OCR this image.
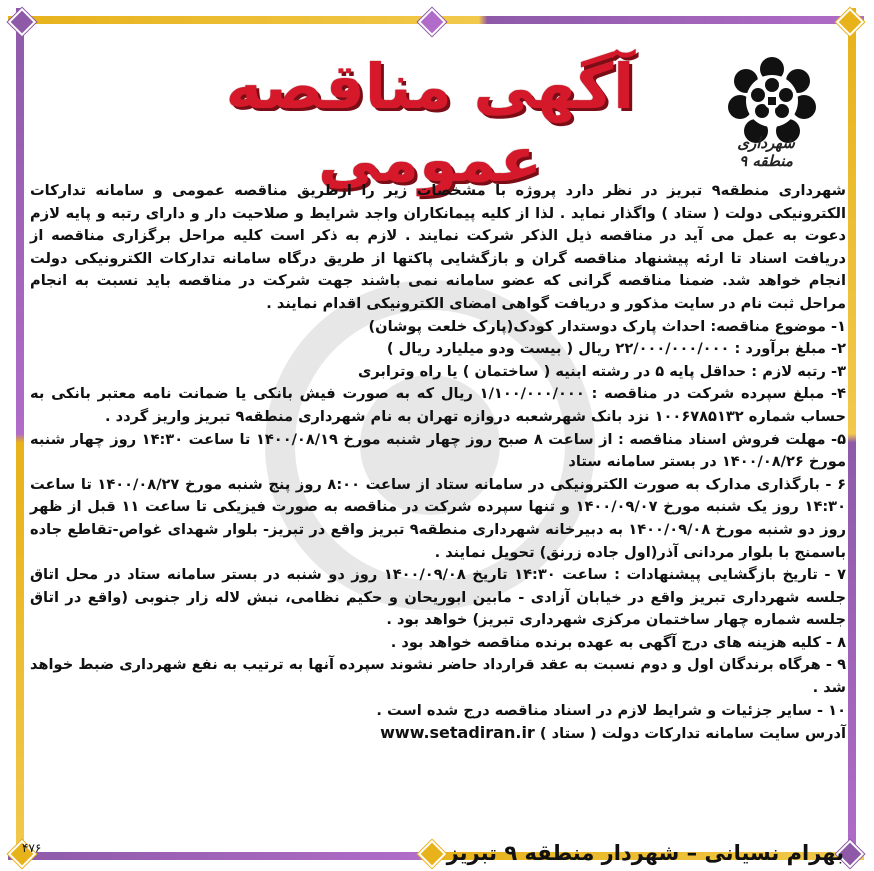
آگهی مناقصه عمومی	شهرداری منطقه ۹

شهرداری منطقه۹ تبریز در نظر دارد پروژه با مشخصات زیر را ازطریق مناقصه عمومی و سامانه تدارکات الکترونیکی دولت ( ستاد ) واگذار نماید . لذا از کلیه پیمانکاران واجد شرایط و صلاحیت دار و دارای رتبه و پایه لازم دعوت به عمل می آید در مناقصه ذیل الذکر شرکت نمایند . لازم به ذکر است کلیه مراحل برگزاری مناقصه از دریافت اسناد تا ارئه پیشنهاد مناقصه گران و بازگشایی پاکتها از طریق درگاه سامانه تدارکات الکترونیکی دولت انجام خواهد شد. ضمنا مناقصه گرانی که عضو سامانه نمی باشند جهت شرکت در مناقصه باید نسبت به انجام مراحل ثبت نام در سایت مذکور و دریافت گواهی امضای الکترونیکی اقدام نمایند .

۱- موضوع مناقصه: احداث پارک دوستدار کودک(پارک خلعت پوشان)

۲- مبلغ برآورد : ۲۲/۰۰۰/۰۰۰/۰۰۰ ریال ( بیست ودو میلیارد ریال )

۳- رتبه لازم : حداقل پایه ۵ در رشته ابنیه ( ساختمان ) یا راه وترابری

۴- مبلغ سپرده شرکت در مناقصه : ۱/۱۰۰/۰۰۰/۰۰۰ ریال که به صورت فیش بانکی یا ضمانت نامه معتبر بانکی به حساب شماره ۱۰۰۶۷۸۵۱۳۲ نزد بانک شهرشعبه دروازه تهران به نام شهرداری منطقه۹ تبریز واریز گردد .

۵- مهلت فروش اسناد مناقصه : از ساعت ۸ صبح روز چهار شنبه مورخ ۱۴۰۰/۰۸/۱۹ تا ساعت ۱۴:۳۰ روز چهار شنبه مورخ ۱۴۰۰/۰۸/۲۶ در بستر سامانه ستاد

۶ - بارگذاری مدارک به صورت الکترونیکی در سامانه ستاد از ساعت ۸:۰۰ روز پنج شنبه مورخ ۱۴۰۰/۰۸/۲۷ تا ساعت ۱۴:۳۰ روز یک شنبه مورخ ۱۴۰۰/۰۹/۰۷ و تنها سپرده شرکت در مناقصه به صورت فیزیکی تا ساعت ۱۱ قبل از ظهر روز دو شنبه مورخ ۱۴۰۰/۰۹/۰۸ به دبیرخانه شهرداری منطقه۹ تبریز واقع در تبریز- بلوار شهدای غواص-تقاطع جاده باسمنج با بلوار مردانی آذر(اول جاده زرنق) تحویل نمایند .

۷ - تاریخ بازگشایی پیشنهادات : ساعت ۱۴:۳۰ تاریخ ۱۴۰۰/۰۹/۰۸ روز دو شنبه در بستر سامانه ستاد در محل اتاق جلسه شهرداری تبریز واقع در خیابان آزادی - مابین ابوریحان و حکیم نظامی، نبش لاله زار جنوبی (واقع در اتاق جلسه شماره چهار ساختمان مرکزی شهرداری تبریز) خواهد بود .

۸ - کلیه هزینه های درج آگهی به عهده برنده مناقصه خواهد بود .

۹ - هرگاه برندگان اول و دوم نسبت به عقد قرارداد حاضر نشوند سپرده آنها به ترتیب به نفع شهرداری ضبط خواهد شد .

۱۰ - سایر جزئیات و شرایط لازم در اسناد مناقصه درج شده است .

آدرس سایت سامانه تدارکات دولت ( ستاد ) www.setadiran.ir

بهرام نسیانی – شهردار منطقه ۹ تبریز
۴۷۶
